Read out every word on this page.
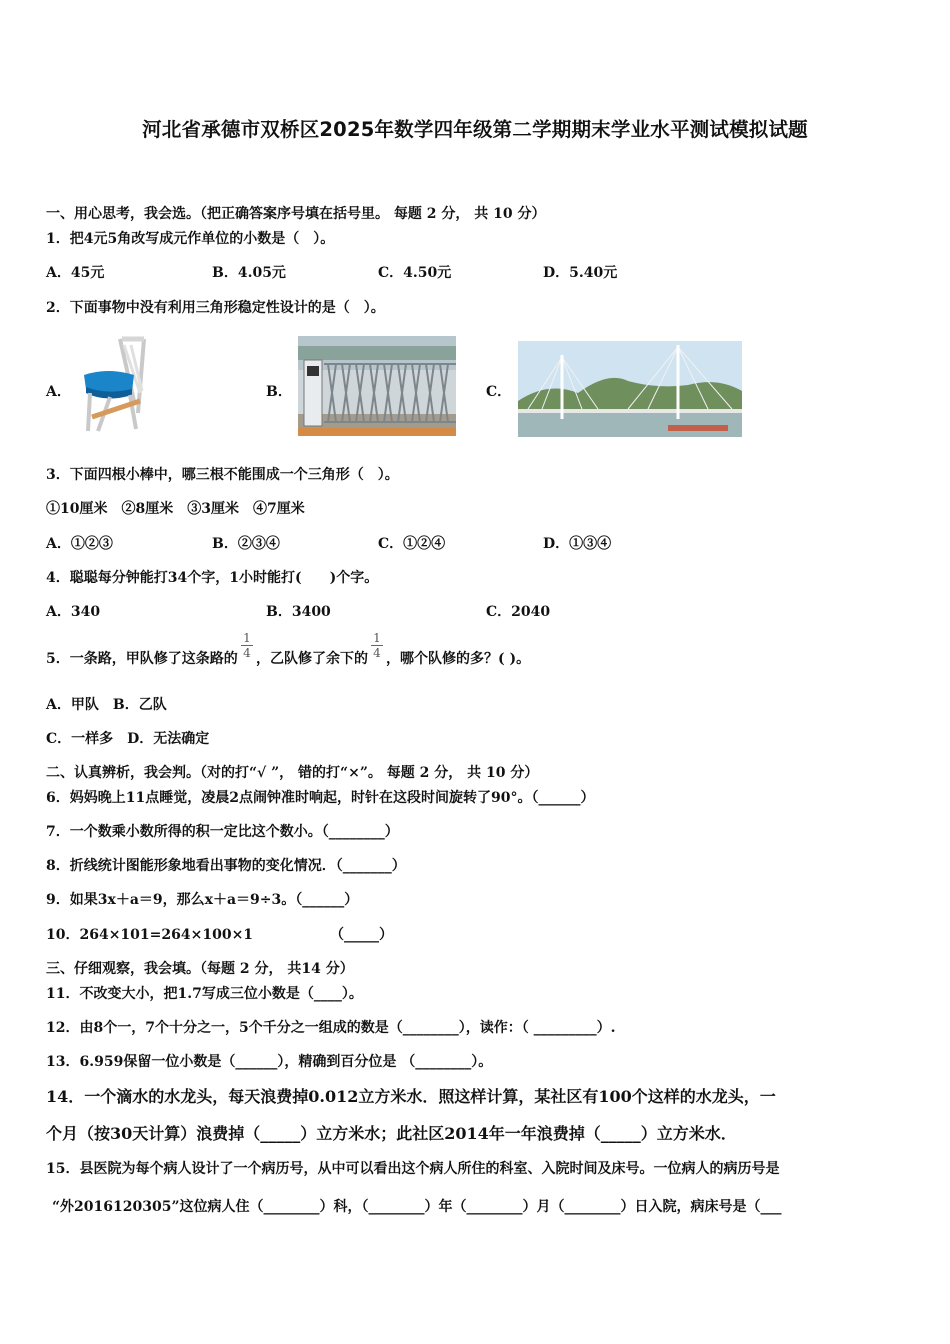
河北省承德市双桥区2025年数学四年级第二学期期末学业水平测试模拟试题
一、用心思考，我会选。（把正确答案序号填在括号里。 每题 2 分， 共 10 分）
1．把4元5角改写成元作单位的小数是（　）。
A．45元	B．4.05元	C．4.50元	D．5.40元
2．下面事物中没有利用三角形稳定性设计的是（　）。
A．	B．	C．
3．下面四根小棒中，哪三根不能围成一个三角形（　）。
①10厘米　②8厘米　③3厘米　④7厘米
A．①②③	B．②③④	C．①②④	D．①③④
4．聪聪每分钟能打34个字，1小时能打(　　)个字。
A．340	B．3400	C．2040
5．一条路，甲队修了这条路的
1
4 ，乙队修了余下的
1
4 ，哪个队修的多？( )。
A．甲队　B．乙队
C．一样多　D．无法确定
二、认真辨析，我会判。（对的打“√ ”， 错的打“×”。 每题 2 分， 共 10 分）
6．妈妈晚上11点睡觉，凌晨2点闹钟准时响起，时针在这段时间旋转了90°。（______）
7．一个数乘小数所得的积一定比这个数小。（________）
8．折线统计图能形象地看出事物的变化情况．（_______）
9．如果3x＋a＝9，那么x＋a＝9÷3。（______）
10．264×101=264×100×1　　　　　　（_____）
三、仔细观察，我会填。（每题 2 分， 共14 分）
11．不改变大小，把1.7写成三位小数是（____）。
12．由8个一，7个十分之一，5个千分之一组成的数是（________），读作：（ _________）.
13．6.959保留一位小数是（______），精确到百分位是 （________）。
14．一个滴水的水龙头，每天浪费掉0.012立方米水．照这样计算，某社区有100个这样的水龙头，一
个月（按30天计算）浪费掉（_____）立方米水；此社区2014年一年浪费掉（_____）立方米水．
15．县医院为每个病人设计了一个病历号，从中可以看出这个病人所住的科室、入院时间及床号。一位病人的病历号是
“外2016120305”这位病人住（________）科，（________）年（________）月（________）日入院，病床号是（___
